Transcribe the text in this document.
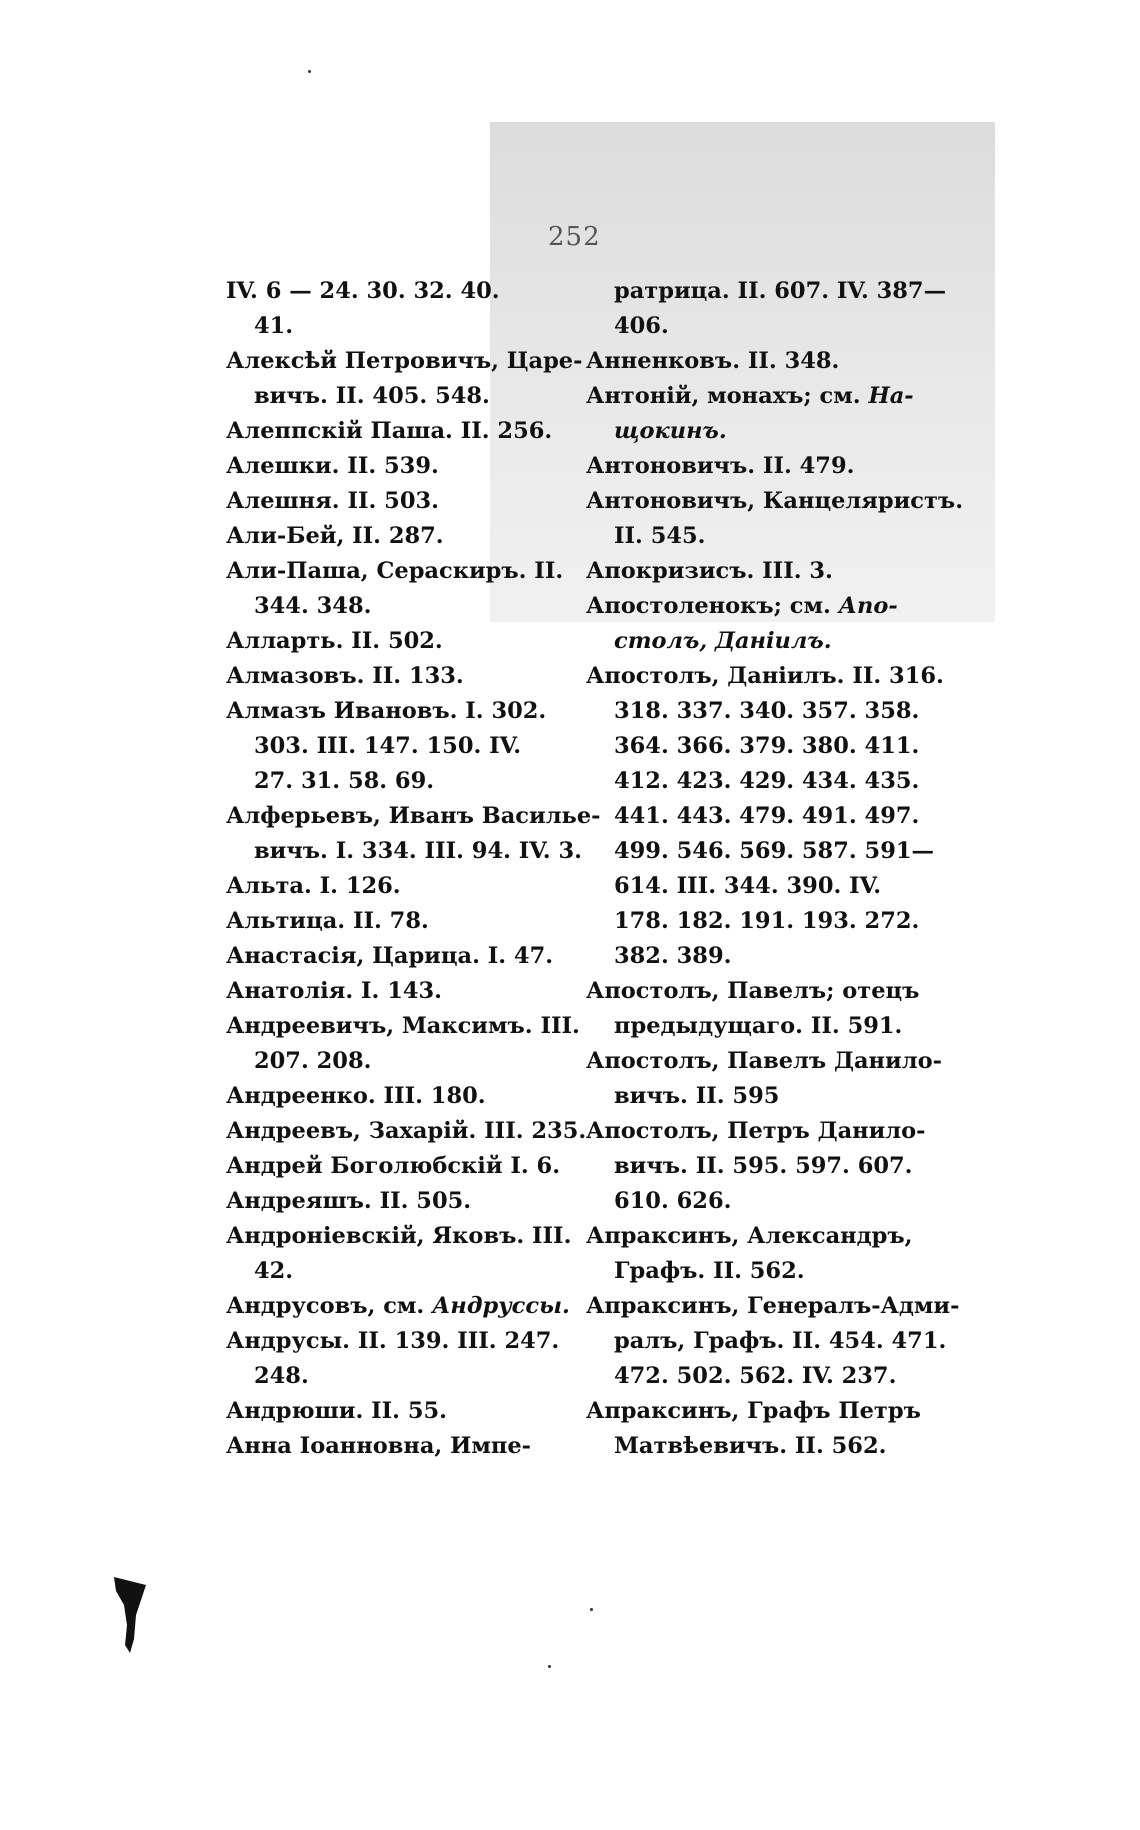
252
IV. 6 — 24. 30. 32. 40.
41.
Алексѣй Петровичъ, Царе-
вичъ. II. 405. 548.
Алеппскій Паша. II. 256.
Алешки. II. 539.
Алешня. II. 503.
Али-Бей, II. 287.
Али-Паша, Сераскиръ. II.
344. 348.
Алларть. II. 502.
Алмазовъ. II. 133.
Алмазъ Ивановъ. I. 302.
303. III. 147. 150. IV.
27. 31. 58. 69.
Алферьевъ, Иванъ Василье-
вичъ. I. 334. III. 94. IV. 3.
Альта. I. 126.
Альтица. II. 78.
Анастасія, Царица. I. 47.
Анатолія. I. 143.
Андреевичъ, Максимъ. III.
207. 208.
Андреенко. III. 180.
Андреевъ, Захарій. III. 235.
Андрей Боголюбскій I. 6.
Андреяшъ. II. 505.
Андроніевскій, Яковъ. III.
42.
Андрусовъ, см. Андруссы.
Андрусы. II. 139. III. 247.
248.
Андрюши. II. 55.
Анна Іоанновна, Импе-
ратрица. II. 607. IV. 387—
406.
Анненковъ. II. 348.
Антоній, монахъ; см. На-
щокинъ.
Антоновичъ. II. 479.
Антоновичъ, Канцеляристъ.
II. 545.
Апокризисъ. III. 3.
Апостоленокъ; см. Апо-
столъ, Даніилъ.
Апостолъ, Даніилъ. II. 316.
318. 337. 340. 357. 358.
364. 366. 379. 380. 411.
412. 423. 429. 434. 435.
441. 443. 479. 491. 497.
499. 546. 569. 587. 591—
614. III. 344. 390. IV.
178. 182. 191. 193. 272.
382. 389.
Апостолъ, Павелъ; отецъ
предыдущаго. II. 591.
Апостолъ, Павелъ Данило-
вичъ. II. 595
Апостолъ, Петръ Данило-
вичъ. II. 595. 597. 607.
610. 626.
Апраксинъ, Александръ,
Графъ. II. 562.
Апраксинъ, Генералъ-Адми-
ралъ, Графъ. II. 454. 471.
472. 502. 562. IV. 237.
Апраксинъ, Графъ Петръ
Матвѣевичъ. II. 562.
